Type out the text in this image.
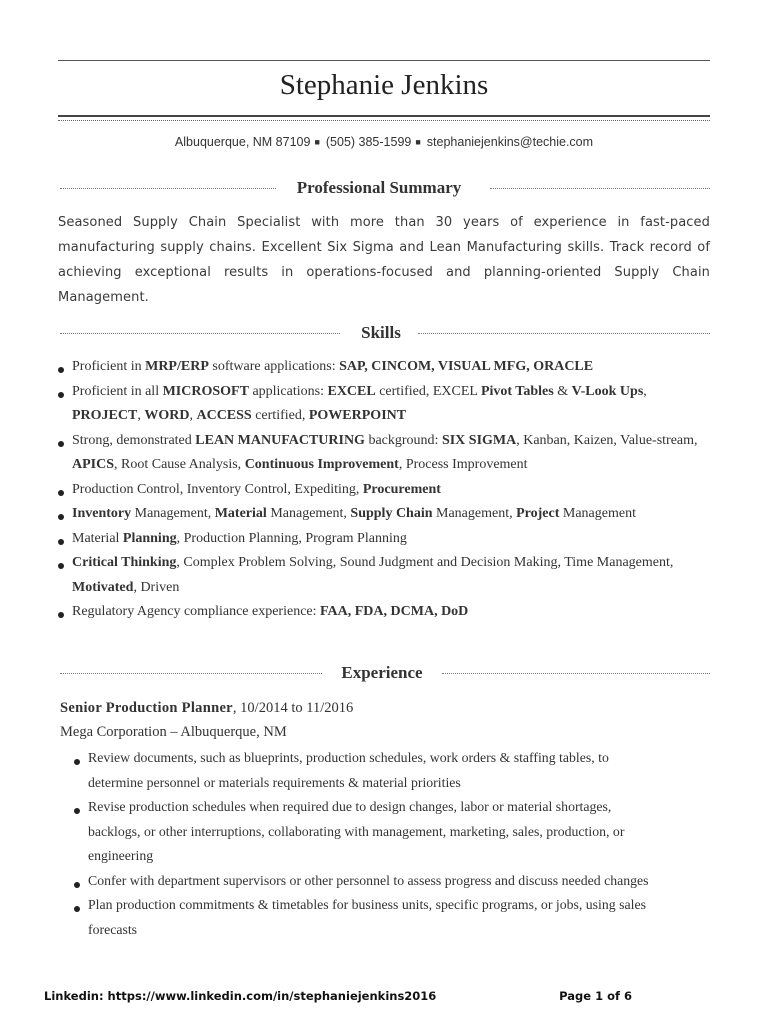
Stephanie Jenkins
Albuquerque, NM 87109 ■ (505) 385-1599 ■ stephaniejenkins@techie.com
Professional Summary

Seasoned Supply Chain Specialist with more than 30 years of experience in fast-paced manufacturing supply chains. Excellent Six Sigma and Lean Manufacturing skills. Track record of achieving exceptional results in operations-focused and planning-oriented Supply Chain Management.

Skills
Proficient in MRP/ERP software applications: SAP, CINCOM, VISUAL MFG, ORACLE
Proficient in all MICROSOFT applications: EXCEL certified, EXCEL Pivot Tables & V-Look Ups, PROJECT, WORD, ACCESS certified, POWERPOINT
Strong, demonstrated LEAN MANUFACTURING background: SIX SIGMA, Kanban, Kaizen, Value-stream, APICS, Root Cause Analysis, Continuous Improvement, Process Improvement
Production Control, Inventory Control, Expediting, Procurement
Inventory Management, Material Management, Supply Chain Management, Project Management
Material Planning, Production Planning, Program Planning
Critical Thinking, Complex Problem Solving, Sound Judgment and Decision Making, Time Management, Motivated, Driven
Regulatory Agency compliance experience: FAA, FDA, DCMA, DoD
Experience
Senior Production Planner, 10/2014 to 11/2016
Mega Corporation – Albuquerque, NM
Review documents, such as blueprints, production schedules, work orders & staffing tables, to determine personnel or materials requirements & material priorities
Revise production schedules when required due to design changes, labor or material shortages, backlogs, or other interruptions, collaborating with management, marketing, sales, production, or engineering
Confer with department supervisors or other personnel to assess progress and discuss needed changes
Plan production commitments & timetables for business units, specific programs, or jobs, using sales forecasts
Linkedin: https://www.linkedin.com/in/stephaniejenkins2016	Page 1 of 6
